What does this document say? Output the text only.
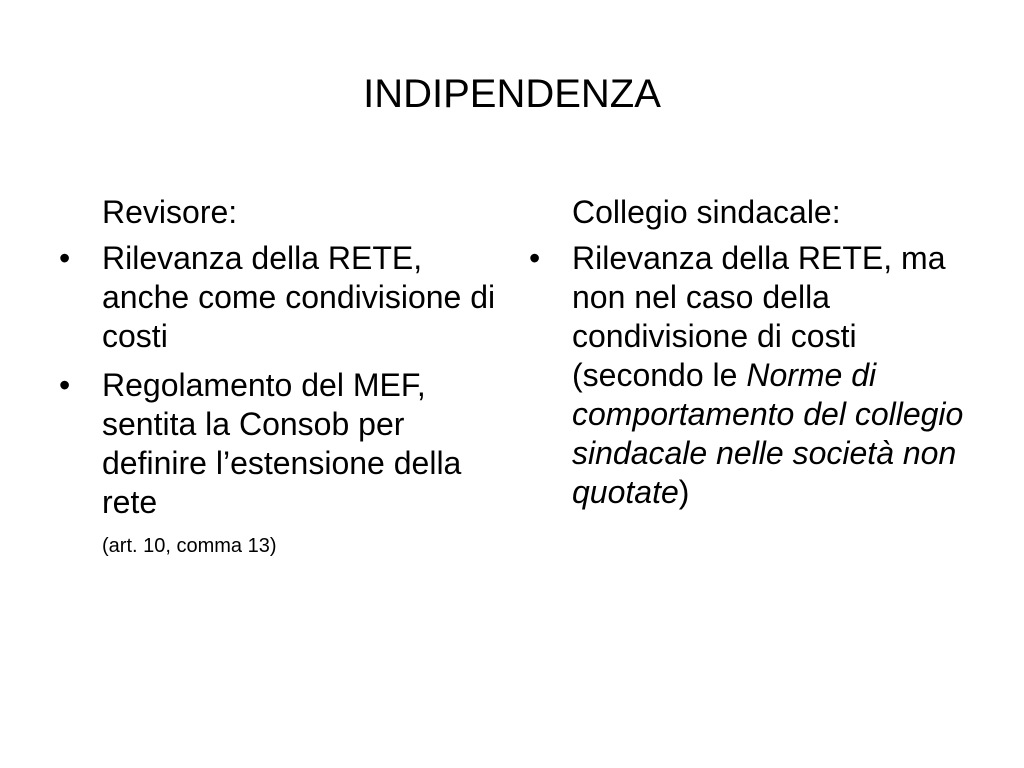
INDIPENDENZA

Revisore:

• Rilevanza della RETE, anche come condivisione di costi
• Regolamento del MEF, sentita la Consob per definire l’estensione della rete
(art. 10, comma 13)

Collegio sindacale:

• Rilevanza della RETE, ma non nel caso della condivisione di costi (secondo le Norme di comportamento del collegio sindacale nelle società non quotate)
